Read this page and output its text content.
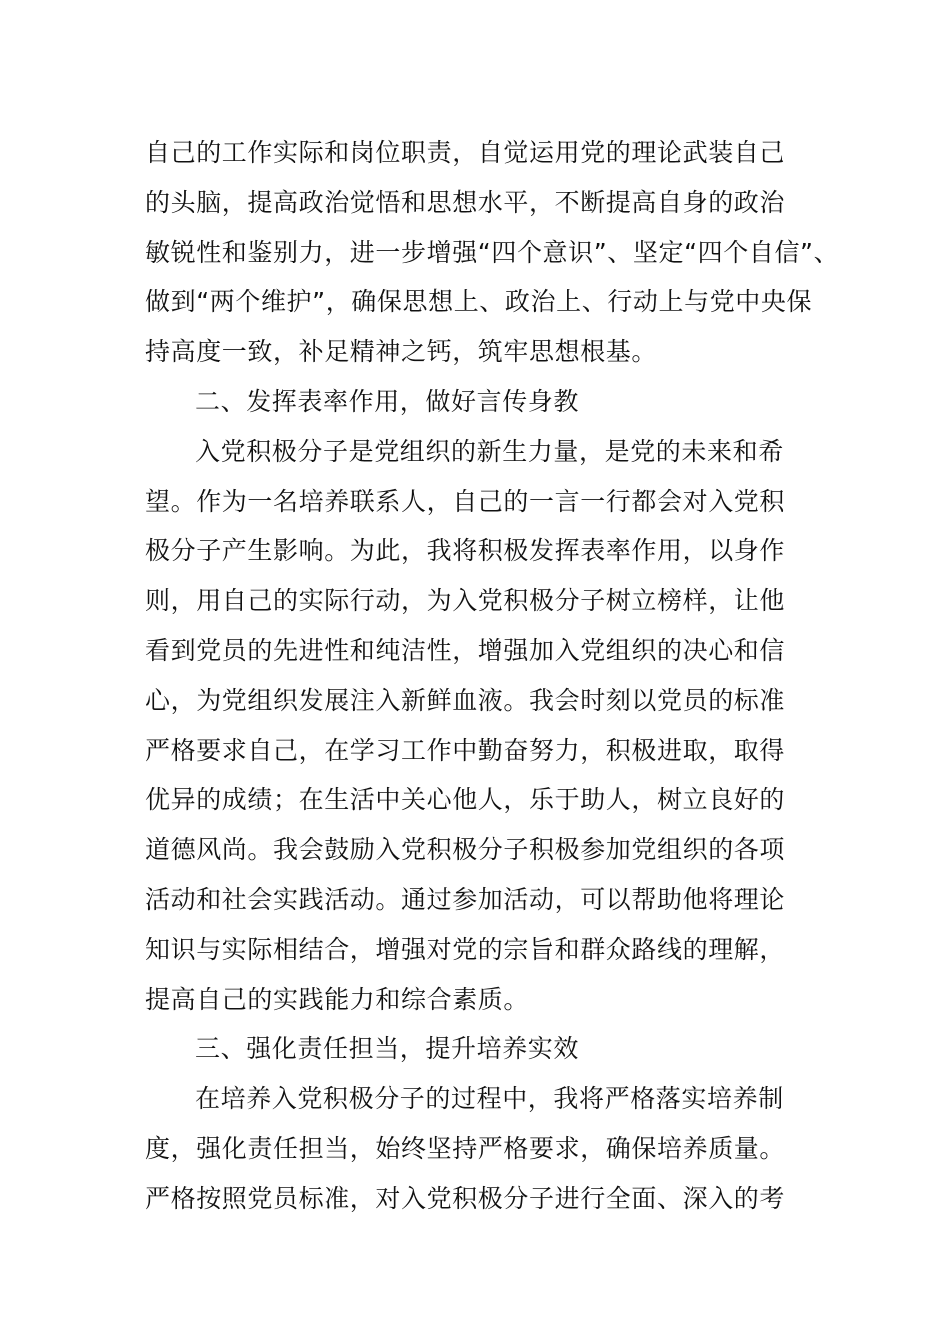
自己的工作实际和岗位职责，自觉运用党的理论武装自己
的头脑，提高政治觉悟和思想水平，不断提高自身的政治
敏锐性和鉴别力，进一步增强“四个意识”、坚定“四个自信”、
做到“两个维护”，确保思想上、政治上、行动上与党中央保
持高度一致，补足精神之钙，筑牢思想根基。
二、发挥表率作用，做好言传身教
入党积极分子是党组织的新生力量，是党的未来和希
望。作为一名培养联系人，自己的一言一行都会对入党积
极分子产生影响。为此，我将积极发挥表率作用，以身作
则，用自己的实际行动，为入党积极分子树立榜样，让他
看到党员的先进性和纯洁性，增强加入党组织的决心和信
心，为党组织发展注入新鲜血液。我会时刻以党员的标准
严格要求自己，在学习工作中勤奋努力，积极进取，取得
优异的成绩；在生活中关心他人，乐于助人，树立良好的
道德风尚。我会鼓励入党积极分子积极参加党组织的各项
活动和社会实践活动。通过参加活动，可以帮助他将理论
知识与实际相结合，增强对党的宗旨和群众路线的理解，
提高自己的实践能力和综合素质。
三、强化责任担当，提升培养实效
在培养入党积极分子的过程中，我将严格落实培养制
度，强化责任担当，始终坚持严格要求，确保培养质量。
严格按照党员标准，对入党积极分子进行全面、深入的考
